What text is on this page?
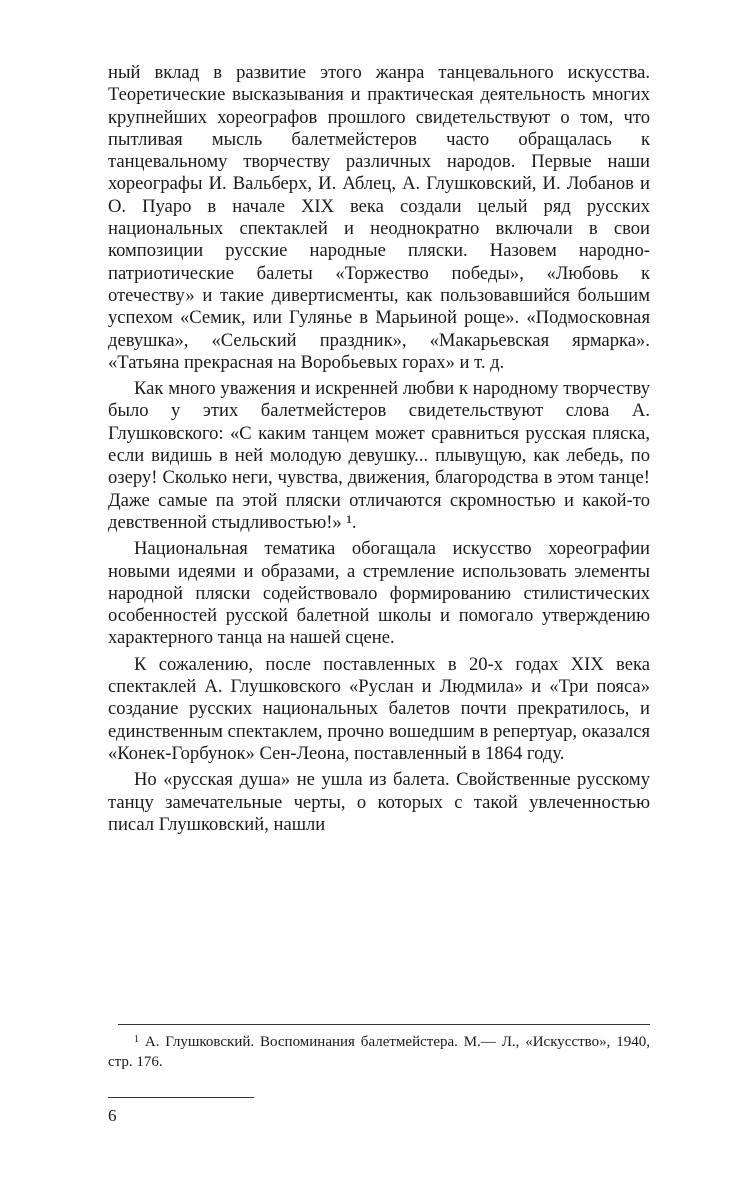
ный вклад в развитие этого жанра танцевального искусства. Теоретические высказывания и практическая деятельность многих крупнейших хореографов прошлого свидетельствуют о том, что пытливая мысль балетмейстеров часто обращалась к танцевальному творчеству различных народов. Первые наши хореографы И. Вальберх, И. Аблец, А. Глушковский, И. Лобанов и О. Пуаро в начале XIX века создали целый ряд русских национальных спектаклей и неоднократно включали в свои композиции русские народные пляски. Назовем народно-патриотические балеты «Торжество победы», «Любовь к отечеству» и такие дивертисменты, как пользовавшийся большим успехом «Семик, или Гулянье в Марьиной роще». «Подмосковная девушка», «Сельский праздник», «Макарьевская ярмарка». «Татьяна прекрасная на Воробьевых горах» и т. д.

Как много уважения и искренней любви к народному творчеству было у этих балетмейстеров свидетельствуют слова А. Глушковского: «С каким танцем может сравниться русская пляска, если видишь в ней молодую девушку... плывущую, как лебедь, по озеру! Сколько неги, чувства, движения, благородства в этом танце! Даже самые па этой пляски отличаются скромностью и какой-то девственной стыдливостью!» ¹.

Национальная тематика обогащала искусство хореографии новыми идеями и образами, а стремление использовать элементы народной пляски содействовало формированию стилистических особенностей русской балетной школы и помогало утверждению характерного танца на нашей сцене.

К сожалению, после поставленных в 20-х годах XIX века спектаклей А. Глушковского «Руслан и Людмила» и «Три пояса» создание русских национальных балетов почти прекратилось, и единственным спектаклем, прочно вошедшим в репертуар, оказался «Конек-Горбунок» Сен-Леона, поставленный в 1864 году.

Но «русская душа» не ушла из балета. Свойственные русскому танцу замечательные черты, о которых с такой увлеченностью писал Глушковский, нашли

$^1$ А. Глушковский. Воспоминания балетмейстера. М.— Л., «Искусство», 1940, стр. 176.
6
